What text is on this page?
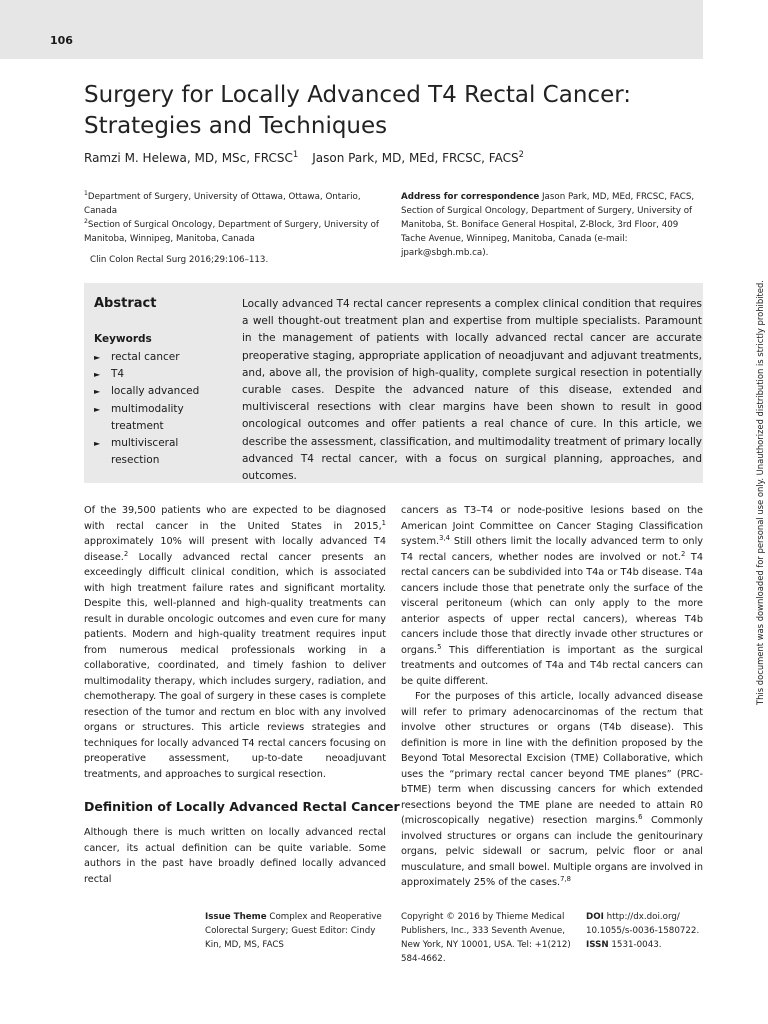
106
Surgery for Locally Advanced T4 Rectal Cancer:
Strategies and Techniques
Ramzi M. Helewa, MD, MSc, FRCSC$^1$ Jason Park, MD, MEd, FRCSC, FACS$^2$

$^1$Department of Surgery, University of Ottawa, Ottawa, Ontario, Canada

$^2$Section of Surgical Oncology, Department of Surgery, University of Manitoba, Winnipeg, Manitoba, Canada

Address for correspondence Jason Park, MD, MEd, FRCSC, FACS, Section of Surgical Oncology, Department of Surgery, University of Manitoba, St. Boniface General Hospital, Z-Block, 3rd Floor, 409 Tache Avenue, Winnipeg, Manitoba, Canada (e-mail: jpark@sbgh.mb.ca).

Clin Colon Rectal Surg 2016;29:106–113.
Abstract
Keywords
► rectal cancer
► T4
► locally advanced
► multimodality treatment
► multivisceral resection
Locally advanced T4 rectal cancer represents a complex clinical condition that requires a well thought-out treatment plan and expertise from multiple specialists. Paramount in the management of patients with locally advanced rectal cancer are accurate preoperative staging, appropriate application of neoadjuvant and adjuvant treatments, and, above all, the provision of high-quality, complete surgical resection in potentially curable cases. Despite the advanced nature of this disease, extended and multivisceral resections with clear margins have been shown to result in good oncological outcomes and offer patients a real chance of cure. In this article, we describe the assessment, classification, and multimodality treatment of primary locally advanced T4 rectal cancer, with a focus on surgical planning, approaches, and outcomes.

Of the 39,500 patients who are expected to be diagnosed with rectal cancer in the United States in 2015,$^1$ approximately 10% will present with locally advanced T4 disease.$^2$ Locally advanced rectal cancer presents an exceedingly difficult clinical condition, which is associated with high treatment failure rates and significant mortality. Despite this, well-planned and high-quality treatments can result in durable oncologic outcomes and even cure for many patients. Modern and high-quality treatment requires input from numerous medical professionals working in a collaborative, coordinated, and timely fashion to deliver multimodality therapy, which includes surgery, radiation, and chemotherapy. The goal of surgery in these cases is complete resection of the tumor and rectum en bloc with any involved organs or structures. This article reviews strategies and techniques for locally advanced T4 rectal cancers focusing on preoperative assessment, up-to-date neoadjuvant treatments, and approaches to surgical resection.

Definition of Locally Advanced Rectal Cancer

Although there is much written on locally advanced rectal cancer, its actual definition can be quite variable. Some authors in the past have broadly defined locally advanced rectal

cancers as T3–T4 or node-positive lesions based on the American Joint Committee on Cancer Staging Classification system.$^{3,4}$ Still others limit the locally advanced term to only T4 rectal cancers, whether nodes are involved or not.$^2$ T4 rectal cancers can be subdivided into T4a or T4b disease. T4a cancers include those that penetrate only the surface of the visceral peritoneum (which can only apply to the more anterior aspects of upper rectal cancers), whereas T4b cancers include those that directly invade other structures or organs.$^5$ This differentiation is important as the surgical treatments and outcomes of T4a and T4b rectal cancers can be quite different.

For the purposes of this article, locally advanced disease will refer to primary adenocarcinomas of the rectum that involve other structures or organs (T4b disease). This definition is more in line with the definition proposed by the Beyond Total Mesorectal Excision (TME) Collaborative, which uses the “primary rectal cancer beyond TME planes” (PRC-bTME) term when discussing cancers for which extended resections beyond the TME plane are needed to attain R0 (microscopically negative) resection margins.$^6$ Commonly involved structures or organs can include the genitourinary organs, pelvic sidewall or sacrum, pelvic floor or anal musculature, and small bowel. Multiple organs are involved in approximately 25% of the cases.$^{7,8}$

Issue Theme Complex and Reoperative Colorectal Surgery; Guest Editor: Cindy Kin, MD, MS, FACS

Copyright © 2016 by Thieme Medical Publishers, Inc., 333 Seventh Avenue, New York, NY 10001, USA. Tel: +1(212) 584-4662.

DOI http://dx.doi.org/ 10.1055/s-0036-1580722.

ISSN 1531-0043.

This document was downloaded for personal use only. Unauthorized distribution is strictly prohibited.
